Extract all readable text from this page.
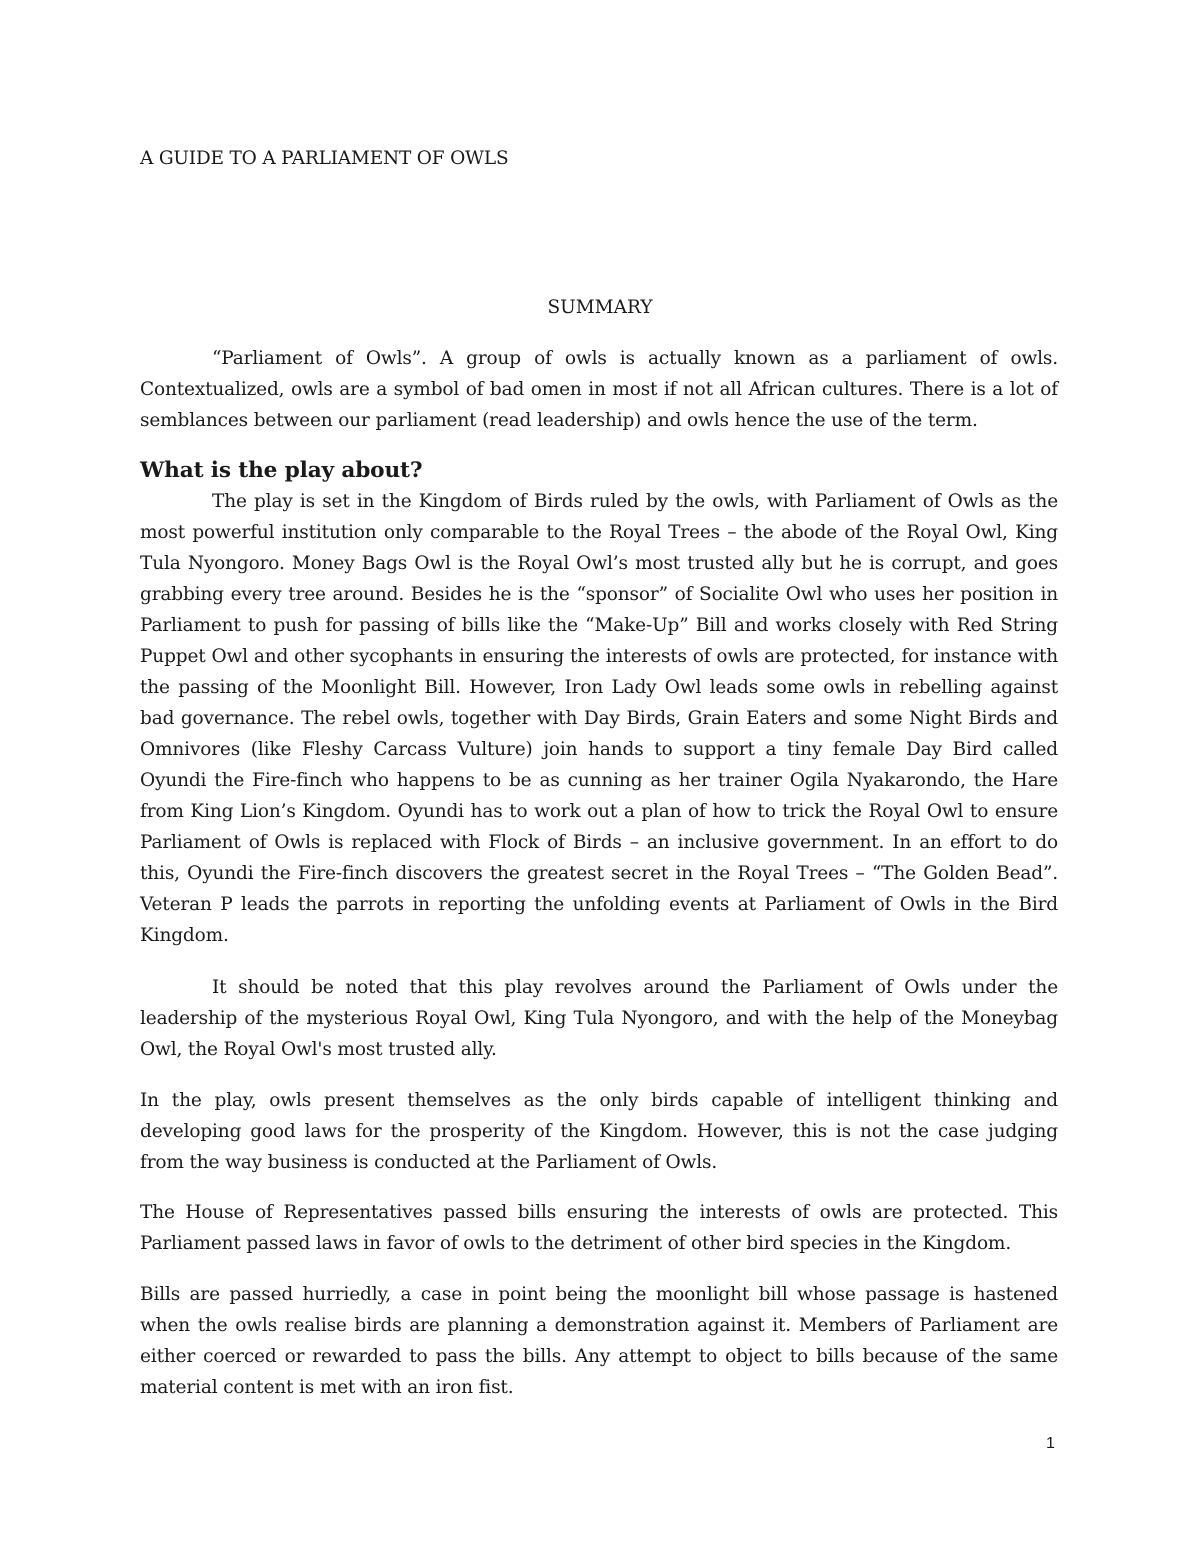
A GUIDE TO A PARLIAMENT OF OWLS
SUMMARY

“Parliament of Owls”. A group of owls is actually known as a parliament of owls. Contextualized, owls are a symbol of bad omen in most if not all African cultures. There is a lot of semblances between our parliament (read leadership) and owls hence the use of the term.

What is the play about?

The play is set in the Kingdom of Birds ruled by the owls, with Parliament of Owls as the most powerful institution only comparable to the Royal Trees – the abode of the Royal Owl, King Tula Nyongoro. Money Bags Owl is the Royal Owl’s most trusted ally but he is corrupt, and goes grabbing every tree around. Besides he is the “sponsor” of Socialite Owl who uses her position in Parliament to push for passing of bills like the “Make-Up” Bill and works closely with Red String Puppet Owl and other sycophants in ensuring the interests of owls are protected, for instance with the passing of the Moonlight Bill. However, Iron Lady Owl leads some owls in rebelling against bad governance. The rebel owls, together with Day Birds, Grain Eaters and some Night Birds and Omnivores (like Fleshy Carcass Vulture) join hands to support a tiny female Day Bird called Oyundi the Fire-finch who happens to be as cunning as her trainer Ogila Nyakarondo, the Hare from King Lion’s Kingdom. Oyundi has to work out a plan of how to trick the Royal Owl to ensure Parliament of Owls is replaced with Flock of Birds – an inclusive government. In an effort to do this, Oyundi the Fire-finch discovers the greatest secret in the Royal Trees – “The Golden Bead”. Veteran P leads the parrots in reporting the unfolding events at Parliament of Owls in the Bird Kingdom.

It should be noted that this play revolves around the Parliament of Owls under the leadership of the mysterious Royal Owl, King Tula Nyongoro, and with the help of the Moneybag Owl, the Royal Owl's most trusted ally.

In the play, owls present themselves as the only birds capable of intelligent thinking and developing good laws for the prosperity of the Kingdom. However, this is not the case judging from the way business is conducted at the Parliament of Owls.

The House of Representatives passed bills ensuring the interests of owls are protected. This Parliament passed laws in favor of owls to the detriment of other bird species in the Kingdom.

Bills are passed hurriedly, a case in point being the moonlight bill whose passage is hastened when the owls realise birds are planning a demonstration against it. Members of Parliament are either coerced or rewarded to pass the bills. Any attempt to object to bills because of the same material content is met with an iron fist.

1
